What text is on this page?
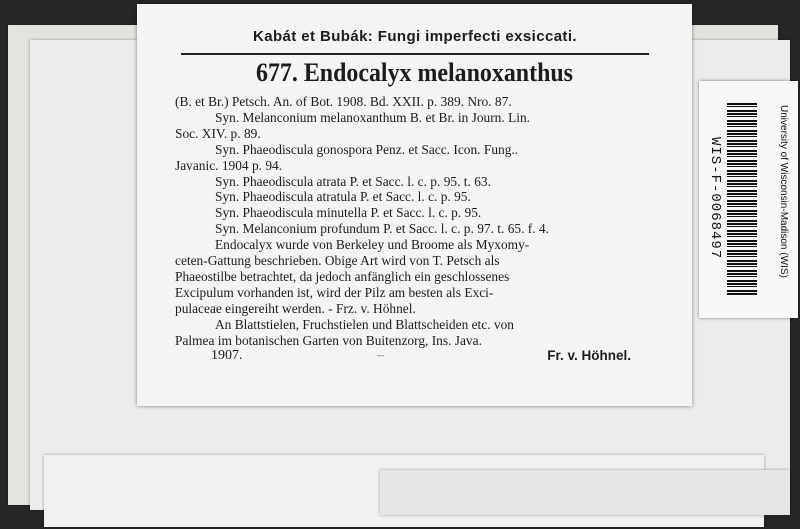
Kabát et Bubák: Fungi imperfecti exsiccati.
677. Endocalyx melanoxanthus
(B. et Br.) Petsch. An. of Bot. 1908. Bd. XXII. p. 389. Nro. 87.
Syn. Melanconium melanoxanthum B. et Br. in Journ. Lin.
Soc. XIV. p. 89.
Syn. Phaeodiscula gonospora Penz. et Sacc. Icon. Fung..
Javanic. 1904 p. 94.
Syn. Phaeodiscula atrata P. et Sacc. l. c. p. 95. t. 63.
Syn. Phaeodiscula atratula P. et Sacc. l. c. p. 95.
Syn. Phaeodiscula minutella P. et Sacc. l. c. p. 95.
Syn. Melanconium profundum P. et Sacc. l. c. p. 97. t. 65. f. 4.
Endocalyx wurde von Berkeley und Broome als Myxomy-
ceten-Gattung beschrieben. Obige Art wird von T. Petsch als
Phaeostilbe betrachtet, da jedoch anfänglich ein geschlossenes
Excipulum vorhanden ist, wird der Pilz am besten als Exci-
pulaceae eingereiht werden. - Frz. v. Höhnel.
An Blattstielen, Fruchstielen und Blattscheiden etc. von
Palmea im botanischen Garten von Buitenzorg, Ins. Java.
1907.	–	Fr. v. Höhnel.
WIS-F-0068497	University of Wisconsin-Madison (WIS)
